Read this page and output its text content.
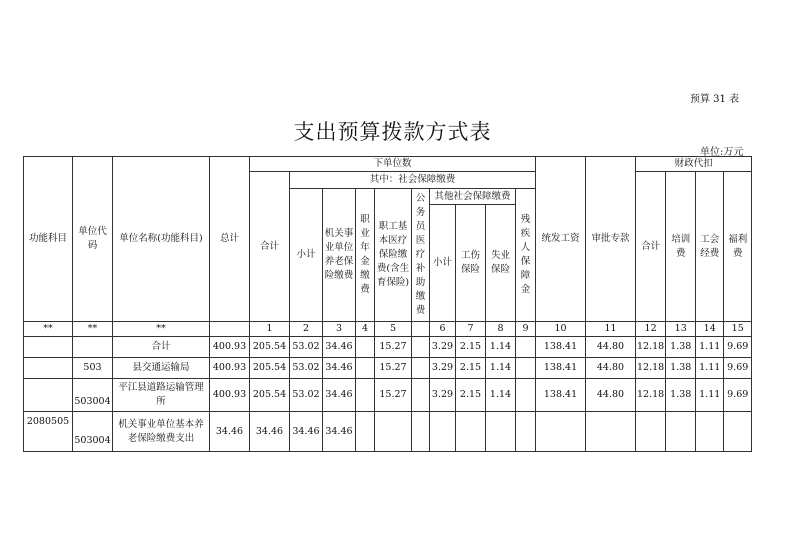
预算 31 表
支出预算拨款方式表
单位:万元
功能科目	单位代码	单位名称(功能科目)	总计	下单位数										统发工资	审批专款	财政代扣			
				合计	其中：社会保障缴费											合计	培训费	工会经费	福利费
					小计	机关事业单位养老保险缴费	职业年金缴费	职工基本医疗保险缴费(含生育保险)	公务员医疗补助缴费	其他社会保障缴费			残疾人保障金						
										小计	工伤保险	失业保险							
**	**	**		1	2	3	4	5		6	7	8	9	10	11	12	13	14	15
		合计	400.93	205.54	53.02	34.46		15.27		3.29	2.15	1.14		138.41	44.80	12.18	1.38	1.11	9.69
	503	县交通运输局	400.93	205.54	53.02	34.46		15.27		3.29	2.15	1.14		138.41	44.80	12.18	1.38	1.11	9.69
	503004	平江县道路运输管理所	400.93	205.54	53.02	34.46		15.27		3.29	2.15	1.14		138.41	44.80	12.18	1.38	1.11	9.69
2080505	503004	机关事业单位基本养老保险缴费支出	34.46	34.46	34.46	34.46													
